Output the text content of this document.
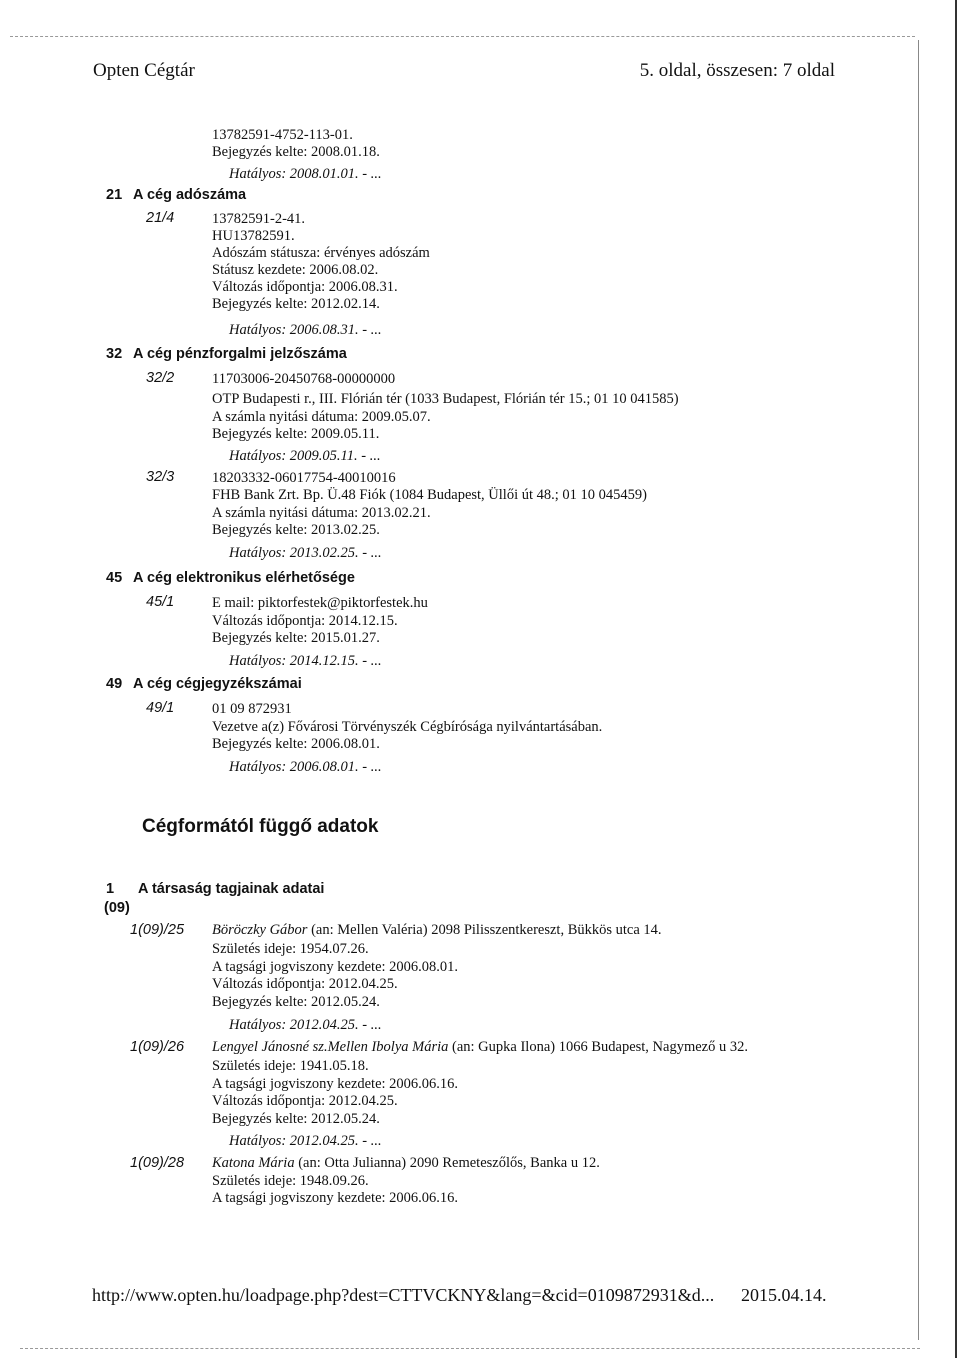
Opten Cégtár	5. oldal, összesen: 7 oldal
13782591-4752-113-01.
Bejegyzés kelte: 2008.01.18.
Hatályos: 2008.01.01. - ...
21 A cég adószáma
21/4	13782591-2-41.
HU13782591.
Adószám státusza: érvényes adószám
Státusz kezdete: 2006.08.02.
Változás időpontja: 2006.08.31.
Bejegyzés kelte: 2012.02.14.
Hatályos: 2006.08.31. - ...
32 A cég pénzforgalmi jelzőszáma
32/2	11703006-20450768-00000000
OTP Budapesti r., III. Flórián tér (1033 Budapest, Flórián tér 15.; 01 10 041585)
A számla nyitási dátuma: 2009.05.07.
Bejegyzés kelte: 2009.05.11.
Hatályos: 2009.05.11. - ...
32/3	18203332-06017754-40010016
FHB Bank Zrt. Bp. Ü.48 Fiók (1084 Budapest, Üllői út 48.; 01 10 045459)
A számla nyitási dátuma: 2013.02.21.
Bejegyzés kelte: 2013.02.25.
Hatályos: 2013.02.25. - ...
45 A cég elektronikus elérhetősége
45/1	E mail: piktorfestek@piktorfestek.hu
Változás időpontja: 2014.12.15.
Bejegyzés kelte: 2015.01.27.
Hatályos: 2014.12.15. - ...
49 A cég cégjegyzékszámai
49/1	01 09 872931
Vezetve a(z) Fővárosi Törvényszék Cégbírósága nyilvántartásában.
Bejegyzés kelte: 2006.08.01.
Hatályos: 2006.08.01. - ...
Cégformától függő adatok
1 A társaság tagjainak adatai
(09)
1(09)/25 Böröczky Gábor (an: Mellen Valéria) 2098 Pilisszentkereszt, Bükkös utca 14.
Születés ideje: 1954.07.26.
A tagsági jogviszony kezdete: 2006.08.01.
Változás időpontja: 2012.04.25.
Bejegyzés kelte: 2012.05.24.
Hatályos: 2012.04.25. - ...
1(09)/26 Lengyel Jánosné sz.Mellen Ibolya Mária (an: Gupka Ilona) 1066 Budapest, Nagymező u 32.
Születés ideje: 1941.05.18.
A tagsági jogviszony kezdete: 2006.06.16.
Változás időpontja: 2012.04.25.
Bejegyzés kelte: 2012.05.24.
Hatályos: 2012.04.25. - ...
1(09)/28 Katona Mária (an: Otta Julianna) 2090 Remeteszőlős, Banka u 12.
Születés ideje: 1948.09.26.
A tagsági jogviszony kezdete: 2006.06.16.
http://www.opten.hu/loadpage.php?dest=CTTVCKNY&lang=&cid=0109872931&d... 2015.04.14.
